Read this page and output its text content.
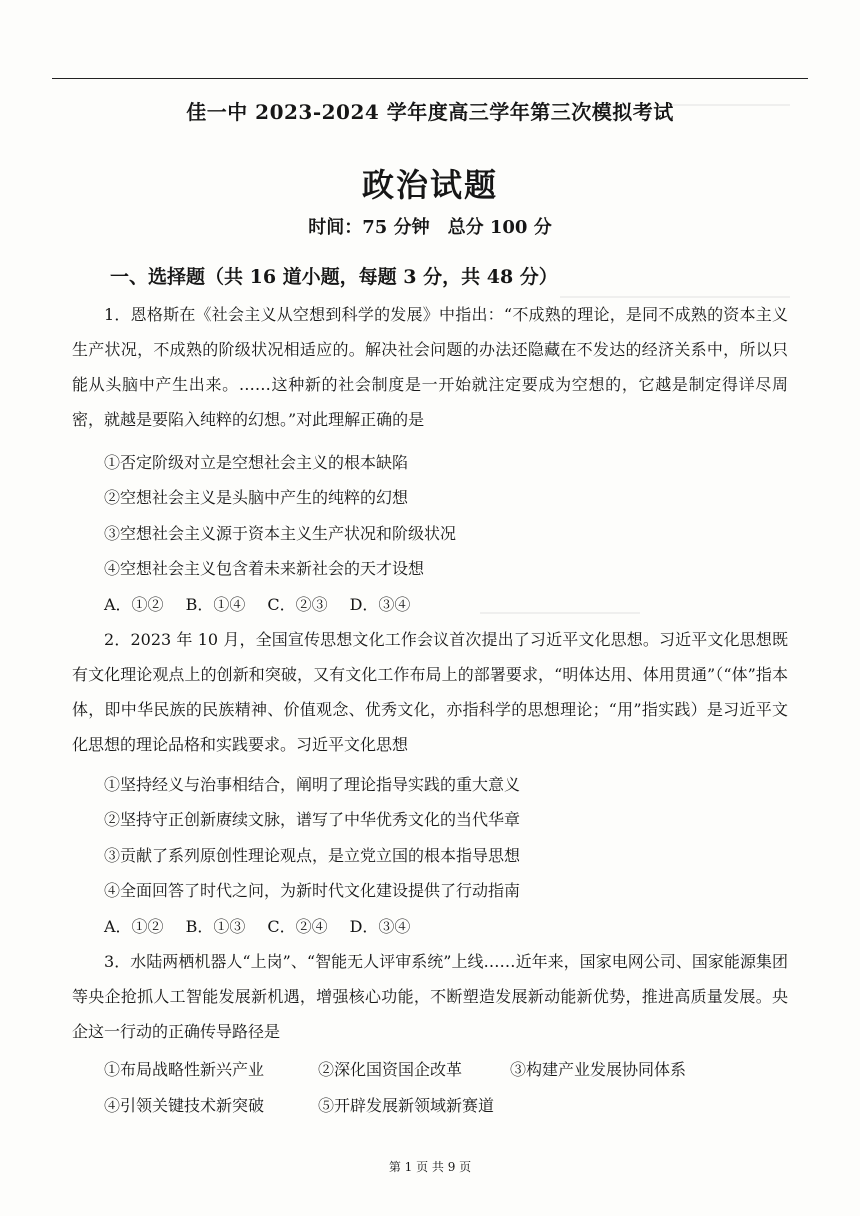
佳一中 2023-2024 学年度高三学年第三次模拟考试
政治试题
时间：75 分钟 总分 100 分
一、选择题（共 16 道小题，每题 3 分，共 48 分）

1．恩格斯在《社会主义从空想到科学的发展》中指出：“不成熟的理论，是同不成熟的资本主义生产状况，不成熟的阶级状况相适应的。解决社会问题的办法还隐藏在不发达的经济关系中，所以只能从头脑中产生出来。……这种新的社会制度是一开始就注定要成为空想的，它越是制定得详尽周密，就越是要陷入纯粹的幻想。”对此理解正确的是

①否定阶级对立是空想社会主义的根本缺陷
②空想社会主义是头脑中产生的纯粹的幻想
③空想社会主义源于资本主义生产状况和阶级状况
④空想社会主义包含着未来新社会的天才设想
A．①② B．①④ C．②③ D．③④

2．2023 年 10 月，全国宣传思想文化工作会议首次提出了习近平文化思想。习近平文化思想既有文化理论观点上的创新和突破，又有文化工作布局上的部署要求，“明体达用、体用贯通”（“体”指本体，即中华民族的民族精神、价值观念、优秀文化，亦指科学的思想理论；“用”指实践）是习近平文化思想的理论品格和实践要求。习近平文化思想

①坚持经义与治事相结合，阐明了理论指导实践的重大意义
②坚持守正创新赓续文脉，谱写了中华优秀文化的当代华章
③贡献了系列原创性理论观点，是立党立国的根本指导思想
④全面回答了时代之问，为新时代文化建设提供了行动指南
A．①② B．①③ C．②④ D．③④

3．水陆两栖机器人“上岗”、“智能无人评审系统”上线……近年来，国家电网公司、国家能源集团等央企抢抓人工智能发展新机遇，增强核心功能，不断塑造发展新动能新优势，推进高质量发展。央企这一行动的正确传导路径是

①布局战略性新兴产业	②深化国资国企改革	③构建产业发展协同体系
④引领关键技术新突破	⑤开辟发展新领域新赛道
第 1 页 共 9 页
